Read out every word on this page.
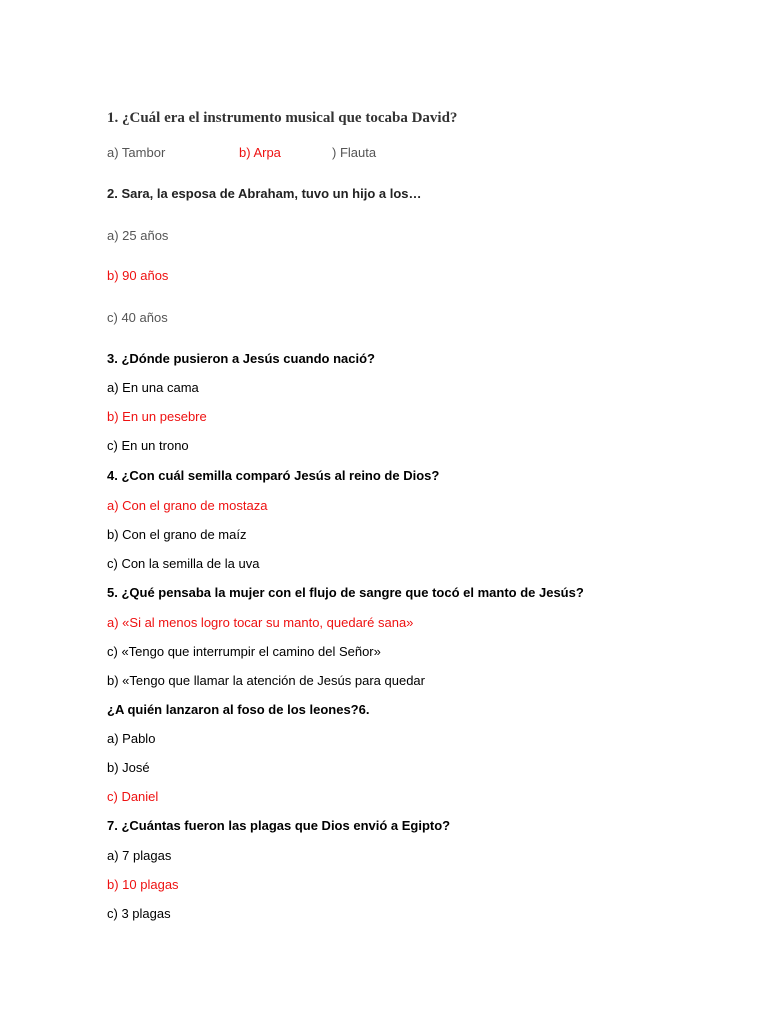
1. ¿Cuál era el instrumento musical que tocaba David?
a) Tambor	b) Arpa	) Flauta
2. Sara, la esposa de Abraham, tuvo un hijo a los…
a) 25 años
b) 90 años
c) 40 años
3. ¿Dónde pusieron a Jesús cuando nació?
a) En una cama
b) En un pesebre
c) En un trono
4. ¿Con cuál semilla comparó Jesús al reino de Dios?
a) Con el grano de mostaza
b) Con el grano de maíz
c) Con la semilla de la uva
5. ¿Qué pensaba la mujer con el flujo de sangre que tocó el manto de Jesús?
a) «Si al menos logro tocar su manto, quedaré sana»
c) «Tengo que interrumpir el camino del Señor»
b) «Tengo que llamar la atención de Jesús para quedar
¿A quién lanzaron al foso de los leones?6.
a) Pablo
b) José
c) Daniel
7. ¿Cuántas fueron las plagas que Dios envió a Egipto?
a) 7 plagas
b) 10 plagas
c) 3 plagas
